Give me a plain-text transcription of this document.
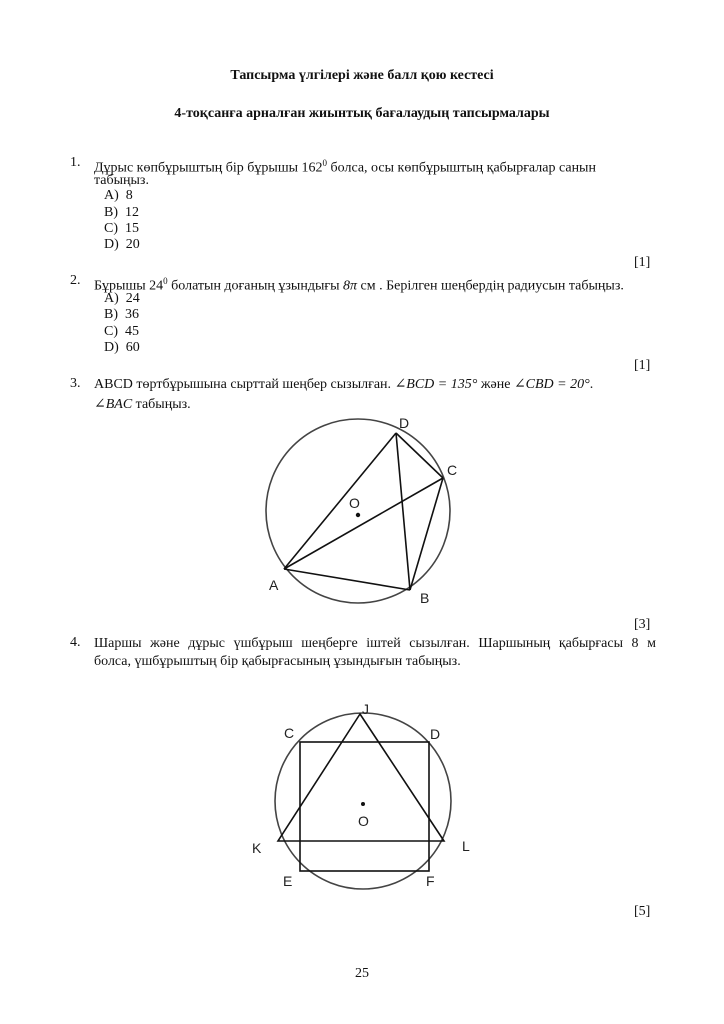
Тапсырма үлгілері және балл қою кестесі
4-тоқсанға арналған жиынтық бағалаудың тапсырмалары
1. Дұрыс көпбұрыштың бір бұрышы $162^0$ болса, осы көпбұрыштың қабырғалар санын
табыңыз.
A) 8
B) 12
C) 15
D) 20
[1]
2. Бұрышы $24^0$ болатын доғаның ұзындығы 8π см . Берілген шеңбердің радиусын табыңыз.
A) 24
B) 36
C) 45
D) 60
[1]
3. ABCD төртбұрышына сырттай шеңбер сызылған. ∠BCD = 135° және ∠CBD = 20°.
∠BAC табыңыз.
D
C
O
A
B
[3]
4. Шаршы және дұрыс үшбұрыш шеңберге іштей сызылған. Шаршының қабырғасы 8 м
болса, үшбұрыштың бір қабырғасының ұзындығын табыңыз.
J
C	D
O
K	L
E	F
[5]
25
